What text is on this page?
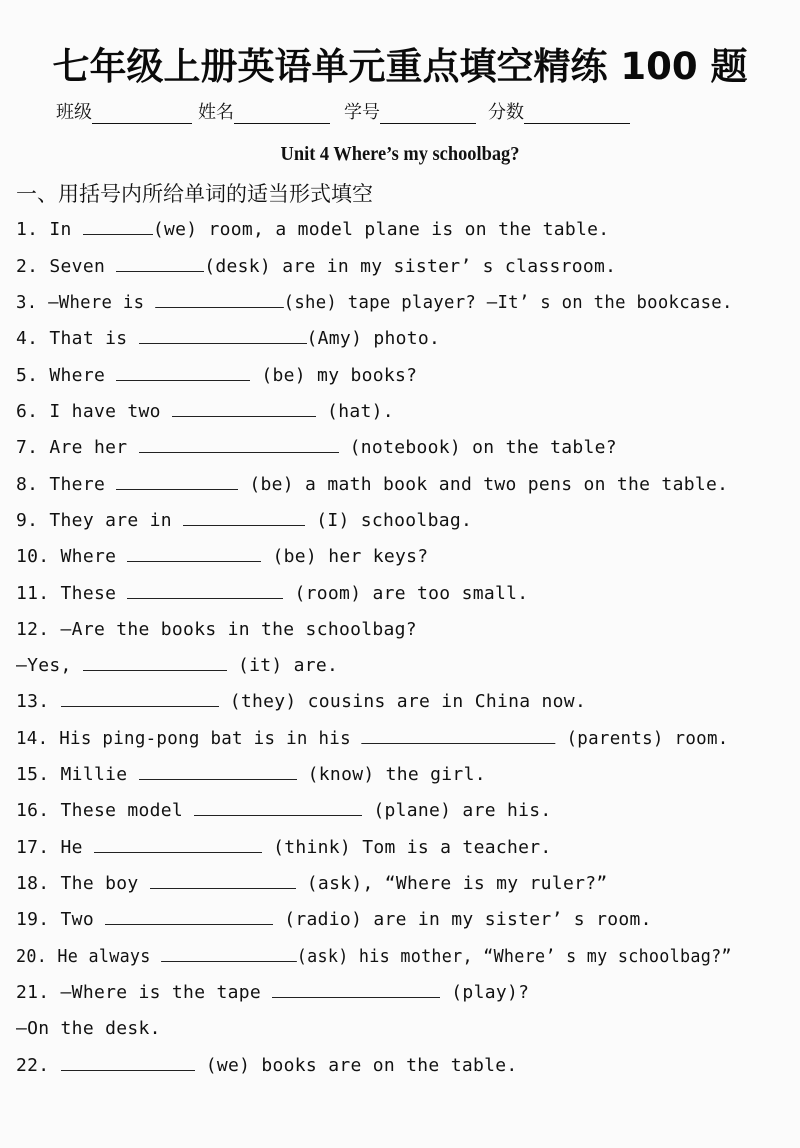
七年级上册英语单元重点填空精练 100 题
班级	姓名	学号	分数
Unit 4 Where’s my schoolbag?
一、用括号内所给单词的适当形式填空
1. In	(we) room, a model plane is on the table.
2. Seven	(desk) are in my sister’ s classroom.
3. —Where is	(she) tape player? —It’ s on the bookcase.
4. That is	(Amy) photo.
5. Where	(be) my books?
6. I have two	(hat).
7. Are her	(notebook) on the table?
8. There	(be) a math book and two pens on the table.
9. They are in	(I) schoolbag.
10. Where	(be) her keys?
11. These	(room) are too small.
12. —Are the books in the schoolbag?
—Yes,	(it) are.
13.	(they) cousins are in China now.
14. His ping-pong bat is in his	(parents) room.
15. Millie	(know) the girl.
16. These model	(plane) are his.
17. He	(think) Tom is a teacher.
18. The boy	(ask), “Where is my ruler?”
19. Two	(radio) are in my sister’ s room.
20. He always	(ask) his mother, “Where’ s my schoolbag?”
21. —Where is the tape	(play)?
—On the desk.
22.	(we) books are on the table.
